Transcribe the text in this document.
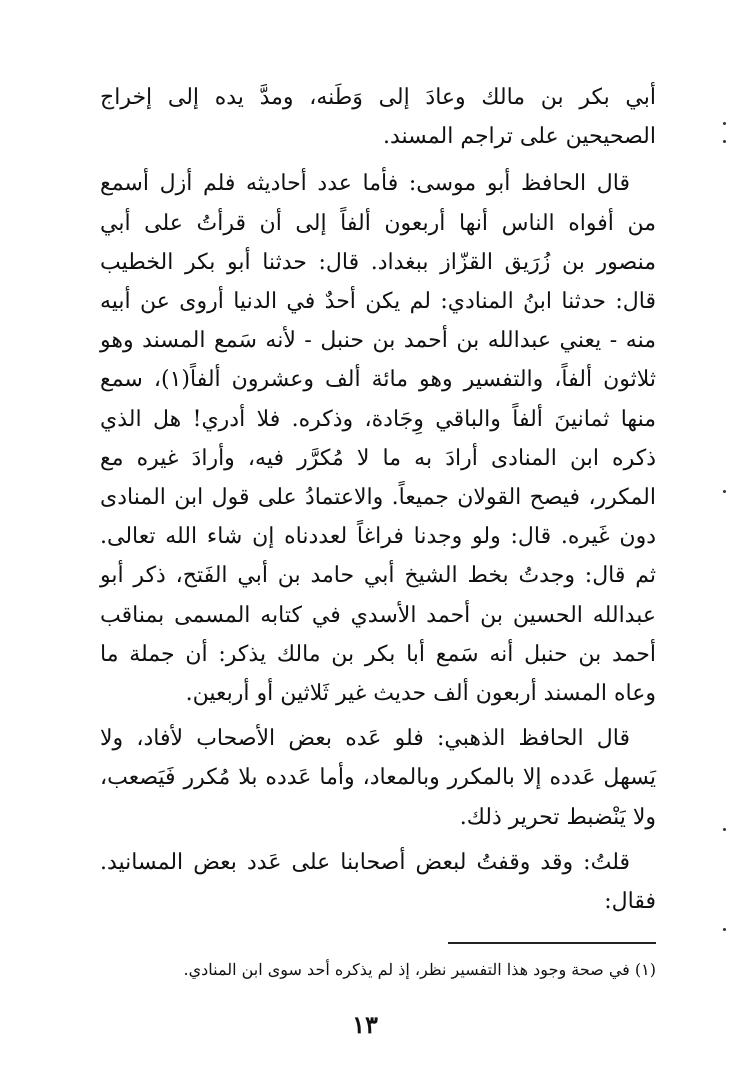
أبي بكر بن مالك وعادَ إلى وَطَنه، ومدَّ يده إلى إخراج الصحيحين على تراجم المسند.

قال الحافظ أبو موسى: فأما عدد أحاديثه فلم أزل أسمع من أفواه الناس أنها أربعون ألفاً إلى أن قرأتُ على أبي منصور بن زُرَيق القزّاز ببغداد. قال: حدثنا أبو بكر الخطيب قال: حدثنا ابنُ المنادي: لم يكن أحدٌ في الدنيا أروى عن أبيه منه - يعني عبدالله بن أحمد بن حنبل - لأنه سَمع المسند وهو ثلاثون ألفاً، والتفسير وهو مائة ألف وعشرون ألفاً(١)، سمع منها ثمانينَ ألفاً والباقي وِجَادة، وذكره. فلا أدري! هل الذي ذكره ابن المنادى أرادَ به ما لا مُكرَّر فيه، وأرادَ غيره مع المكرر، فيصح القولان جميعاً. والاعتمادُ على قول ابن المنادى دون غَيره. قال: ولو وجدنا فراغاً لعددناه إن شاء الله تعالى. ثم قال: وجدتُ بخط الشيخ أبي حامد بن أبي الفَتح، ذكر أبو عبدالله الحسين بن أحمد الأسدي في كتابه المسمى بمناقب أحمد بن حنبل أنه سَمع أبا بكر بن مالك يذكر: أن جملة ما وعاه المسند أربعون ألف حديث غير ثَلاثين أو أربعين.

قال الحافظ الذهبي: فلو عَده بعض الأصحاب لأفاد، ولا يَسهل عَدده إلا بالمكرر وبالمعاد، وأما عَدده بلا مُكرر فَيَصعب، ولا يَنْضبط تحرير ذلك.

قلتُ: وقد وقفتُ لبعض أصحابنا على عَدد بعض المسانيد. فقال:

(١) في صحة وجود هذا التفسير نظر، إذ لم يذكره أحد سوى ابن المنادي.
١٣
